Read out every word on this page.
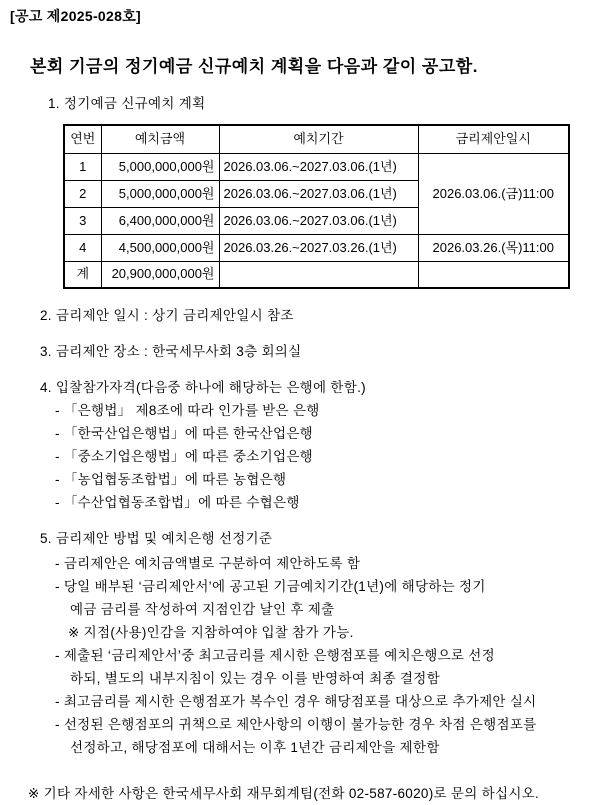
[공고 제2025-028호]
본회 기금의 정기예금 신규예치 계획을 다음과 같이 공고함.
1. 정기예금 신규예치 계획
연번	예치금액	예치기간	금리제안일시
1	5,000,000,000원	2026.03.06.~2027.03.06.(1년)	2026.03.06.(금)11:00
2	5,000,000,000원	2026.03.06.~2027.03.06.(1년)	
3	6,400,000,000원	2026.03.06.~2027.03.06.(1년)	
4	4,500,000,000원	2026.03.26.~2027.03.26.(1년)	2026.03.26.(목)11:00
계	20,900,000,000원		
2. 금리제안 일시 : 상기 금리제안일시 참조
3. 금리제안 장소 : 한국세무사회 3층 회의실
4. 입찰참가자격(다음중 하나에 해당하는 은행에 한함.)
- 「은행법」 제8조에 따라 인가를 받은 은행
- 「한국산업은행법」에 따른 한국산업은행
- 「중소기업은행법」에 따른 중소기업은행
- 「농업협동조합법」에 따른 농협은행
- 「수산업협동조합법」에 따른 수협은행
5. 금리제안 방법 및 예치은행 선정기준
- 금리제안은 예치금액별로 구분하여 제안하도록 함
- 당일 배부된 ‘금리제안서’에 공고된 기금예치기간(1년)에 해당하는 정기
예금 금리를 작성하여 지점인감 날인 후 제출
※ 지점(사용)인감을 지참하여야 입찰 참가 가능.
- 제출된 ‘금리제안서’중 최고금리를 제시한 은행점포를 예치은행으로 선정
하되, 별도의 내부지침이 있는 경우 이를 반영하여 최종 결정함
- 최고금리를 제시한 은행점포가 복수인 경우 해당점포를 대상으로 추가제안 실시
- 선정된 은행점포의 귀책으로 제안사항의 이행이 불가능한 경우 차점 은행점포를
선정하고, 해당점포에 대해서는 이후 1년간 금리제안을 제한함
※ 기타 자세한 사항은 한국세무사회 재무회계팀(전화 02-587-6020)로 문의 하십시오.
